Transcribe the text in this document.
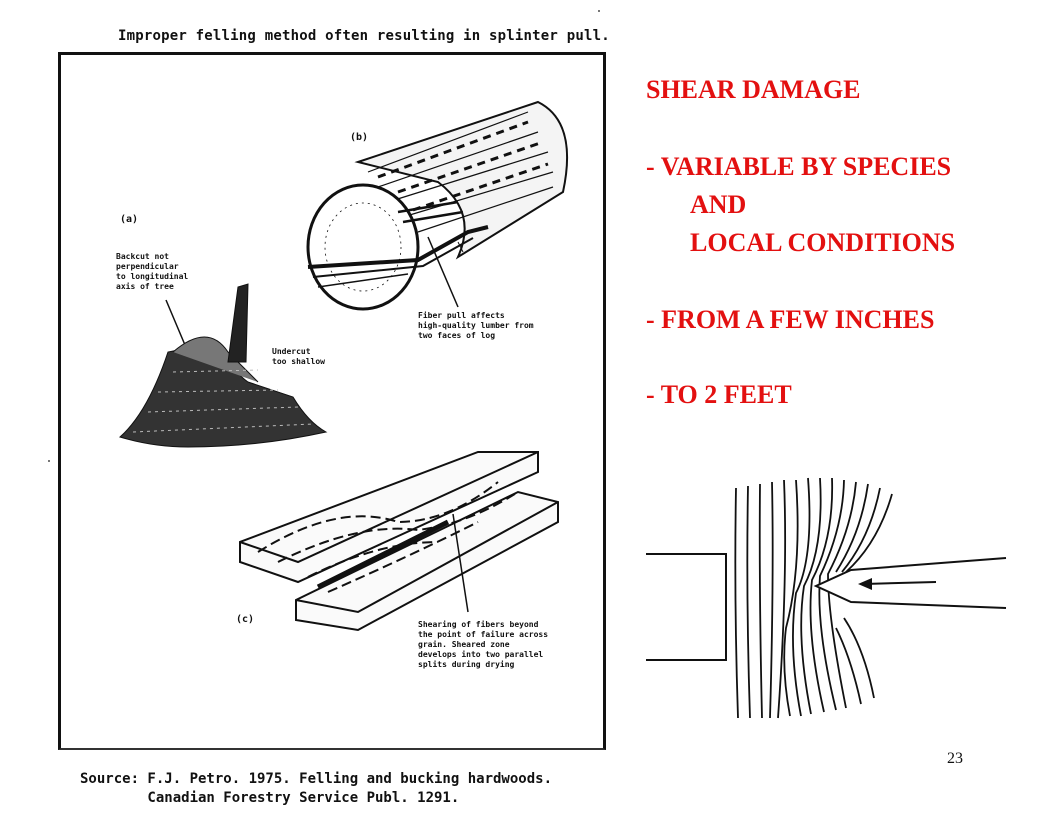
Improper felling method often resulting in splinter pull.
(b)
Fiber pull affects high-quality lumber from two faces of log
(a)
Backcut not perpendicular to longitudinal axis of tree
Undercut too shallow
(c)	Shearing of fibers beyond the point of failure across grain. Sheared zone develops into two parallel splits during drying
Source: F.J. Petro. 1975. Felling and bucking hardwoods.
Canadian Forestry Service Publ. 1291.
SHEAR DAMAGE
- VARIABLE BY SPECIES
AND
LOCAL CONDITIONS
- FROM A FEW INCHES
- TO 2 FEET
23
